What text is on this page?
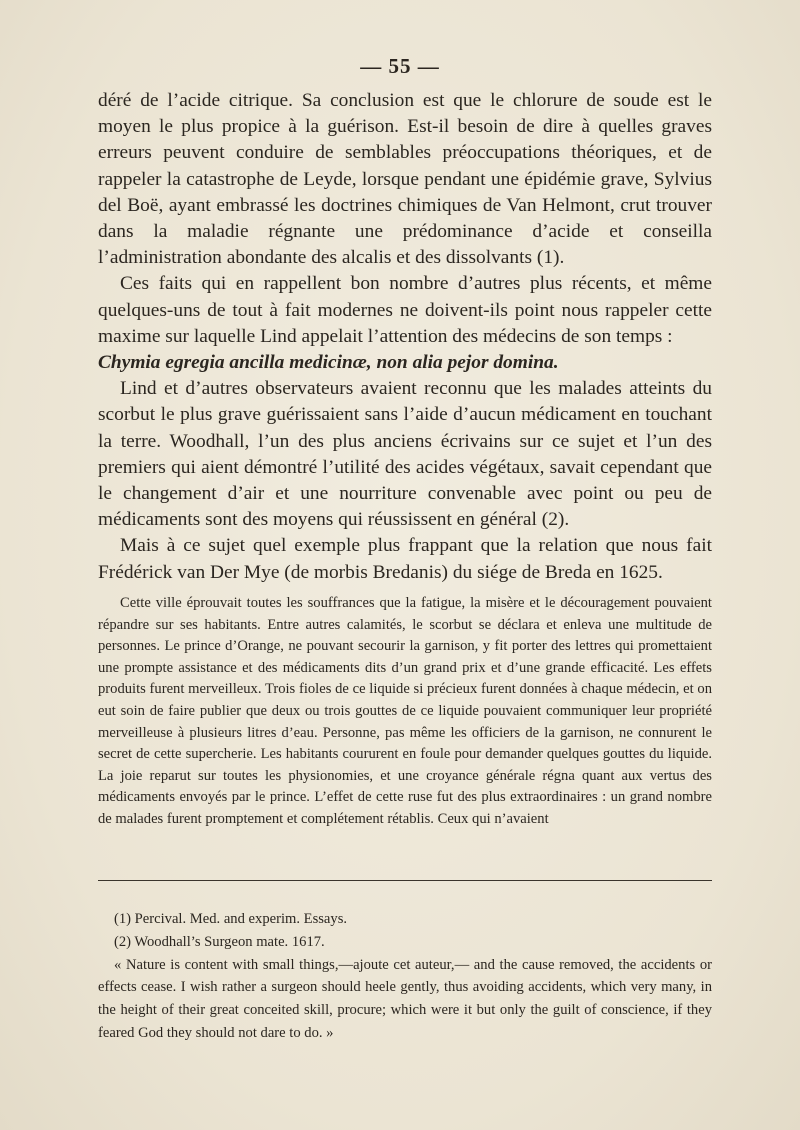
— 55 —

déré de l’acide citrique. Sa conclusion est que le chlorure de soude est le moyen le plus propice à la guérison. Est-il besoin de dire à quelles graves erreurs peuvent conduire de semblables préoccupations théoriques, et de rappeler la catastrophe de Leyde, lorsque pendant une épidémie grave, Sylvius del Boë, ayant embrassé les doctrines chimiques de Van Helmont, crut trouver dans la maladie régnante une prédominance d’acide et conseilla l’administration abondante des alcalis et des dissolvants (1).

Ces faits qui en rappellent bon nombre d’autres plus récents, et même quelques-uns de tout à fait modernes ne doivent-ils point nous rappeler cette maxime sur laquelle Lind appelait l’attention des médecins de son temps :
Chymia egregia ancilla medicinæ, non alia pejor domina.

Lind et d’autres observateurs avaient reconnu que les malades atteints du scorbut le plus grave guérissaient sans l’aide d’aucun médicament en touchant la terre. Woodhall, l’un des plus anciens écrivains sur ce sujet et l’un des premiers qui aient démontré l’utilité des acides végétaux, savait cependant que le changement d’air et une nourriture convenable avec point ou peu de médicaments sont des moyens qui réussissent en général (2).

Mais à ce sujet quel exemple plus frappant que la relation que nous fait Frédérick van Der Mye (de morbis Bredanis) du siége de Breda en 1625.

Cette ville éprouvait toutes les souffrances que la fatigue, la misère et le découragement pouvaient répandre sur ses habitants. Entre autres calamités, le scorbut se déclara et enleva une multitude de personnes. Le prince d’Orange, ne pouvant secourir la garnison, y fit porter des lettres qui promettaient une prompte assistance et des médicaments dits d’un grand prix et d’une grande efficacité. Les effets produits furent merveilleux. Trois fioles de ce liquide si précieux furent données à chaque médecin, et on eut soin de faire publier que deux ou trois gouttes de ce liquide pouvaient communiquer leur propriété merveilleuse à plusieurs litres d’eau. Personne, pas même les officiers de la garnison, ne connurent le secret de cette supercherie. Les habitants coururent en foule pour demander quelques gouttes du liquide. La joie reparut sur toutes les physionomies, et une croyance générale régna quant aux vertus des médicaments envoyés par le prince. L’effet de cette ruse fut des plus extraordinaires : un grand nombre de malades furent promptement et complétement rétablis. Ceux qui n’avaient

(1) Percival. Med. and experim. Essays.

(2) Woodhall’s Surgeon mate. 1617.

« Nature is content with small things,—ajoute cet auteur,— and the cause removed, the accidents or effects cease. I wish rather a surgeon should heele gently, thus avoiding accidents, which very many, in the height of their great conceited skill, procure; which were it but only the guilt of conscience, if they feared God they should not dare to do. »
